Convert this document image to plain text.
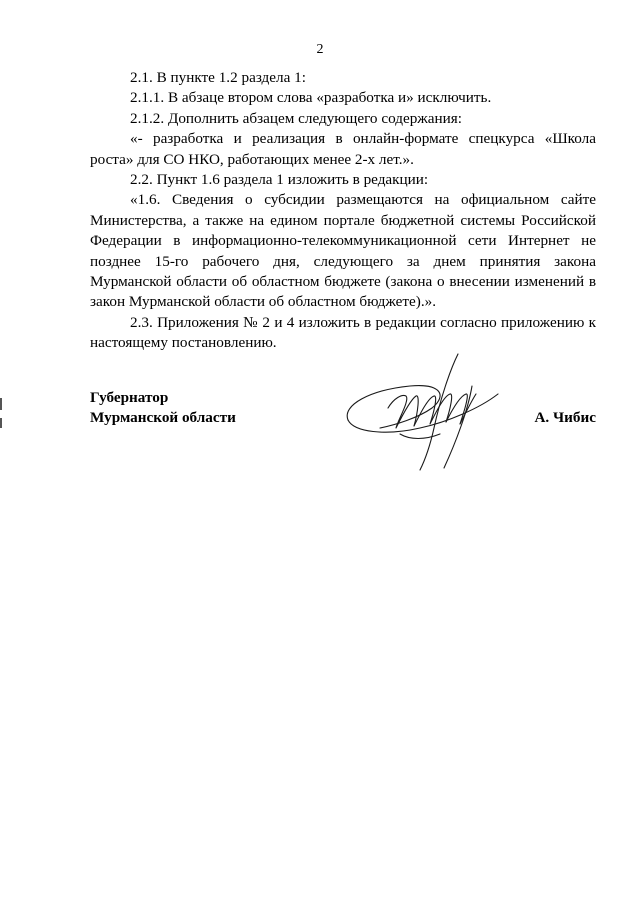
2

2.1. В пункте 1.2 раздела 1:

2.1.1. В абзаце втором слова «разработка и» исключить.

2.1.2. Дополнить абзацем следующего содержания:

«- разработка и реализация в онлайн-формате спецкурса «Школа роста» для СО НКО, работающих менее 2-х лет.».

2.2. Пункт 1.6 раздела 1 изложить в редакции:

«1.6. Сведения о субсидии размещаются на официальном сайте Министерства, а также на едином портале бюджетной системы Российской Федерации в информационно-телекоммуникационной сети Интернет не позднее 15-го рабочего дня, следующего за днем принятия закона Мурманской области об областном бюджете (закона о внесении изменений в закон Мурманской области об областном бюджете).».

2.3. Приложения № 2 и 4 изложить в редакции согласно приложению к настоящему постановлению.

Губернатор
Мурманской области	А. Чибис
